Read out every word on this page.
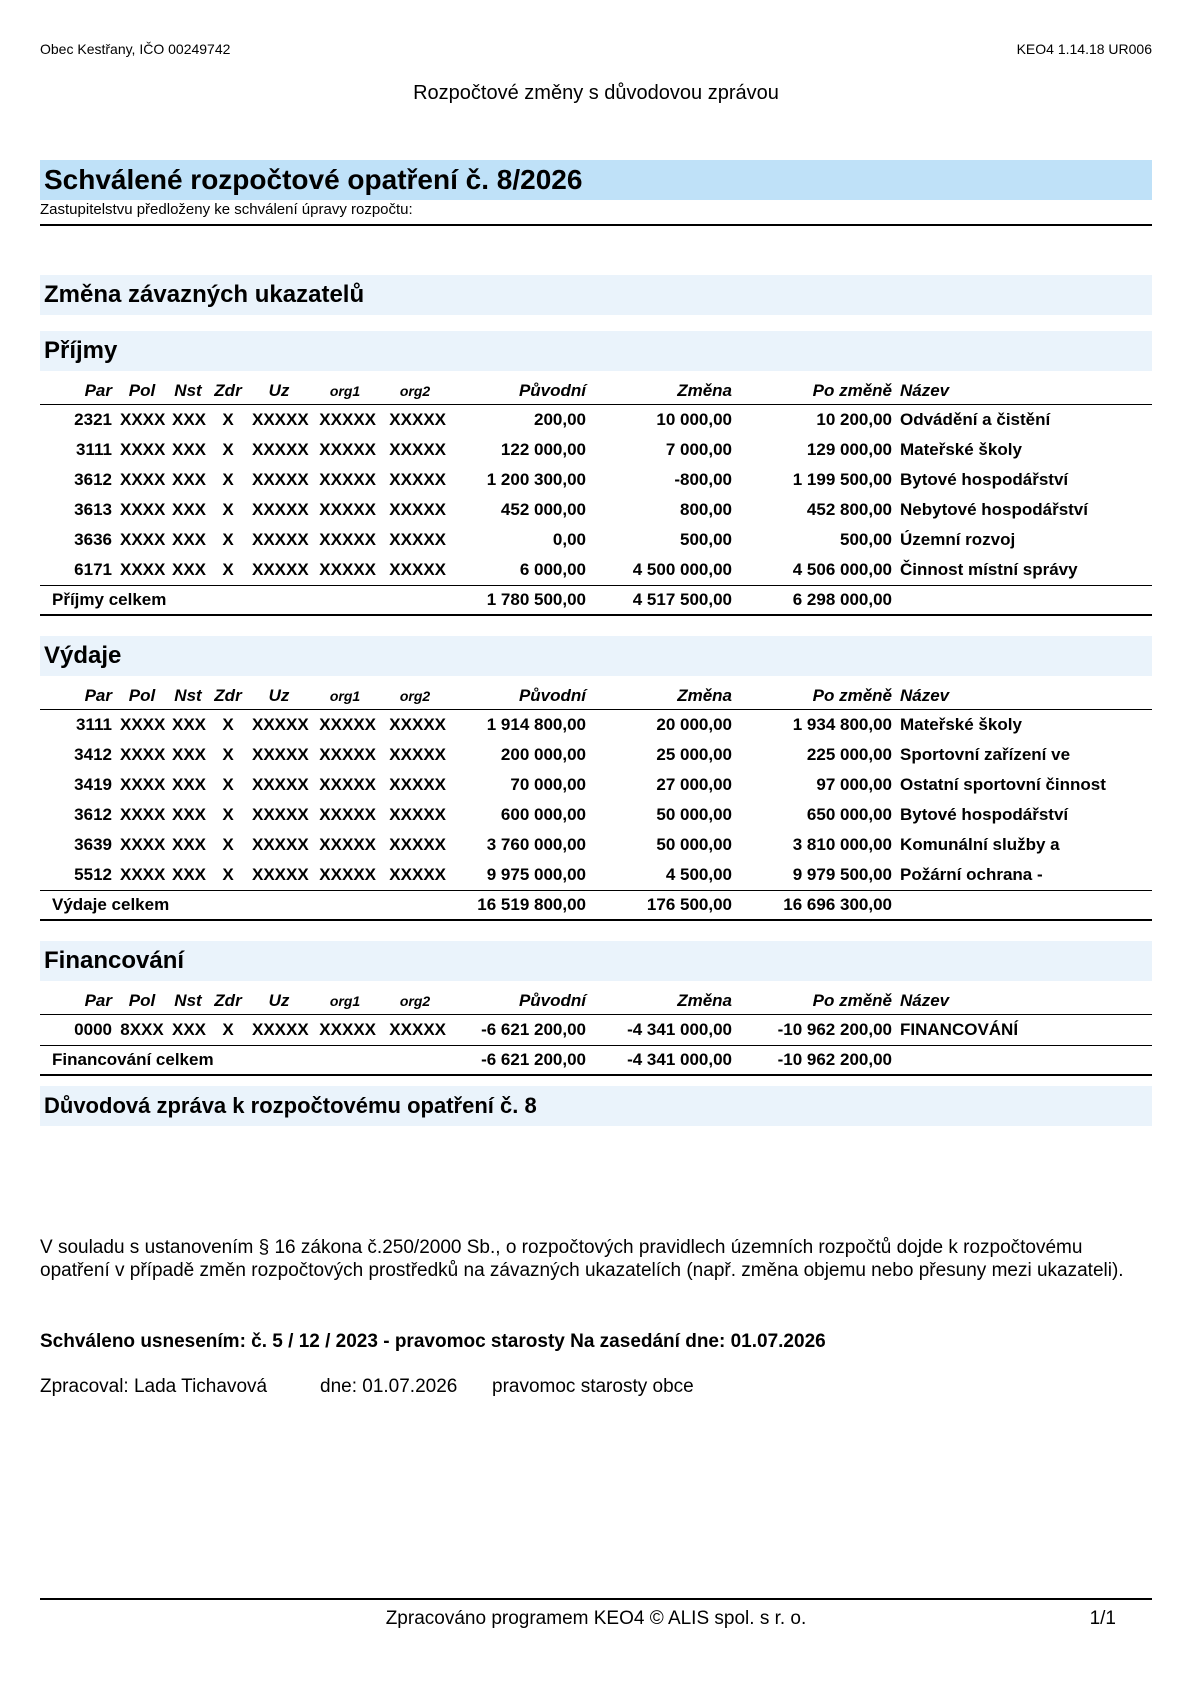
Obec Kestřany, IČO 00249742	KEO4 1.14.18 UR006
Rozpočtové změny s důvodovou zprávou
Schválené rozpočtové opatření č. 8/2026
Zastupitelstvu předloženy ke schválení úpravy rozpočtu:
Změna závazných ukazatelů
Příjmy
Par	Pol	Nst	Zdr	Uz	org1	org2	Původní	Změna	Po změně	Název
2321	XXXX	XXX	X	XXXXX	XXXXX	XXXXX	200,00	10 000,00	10 200,00	Odvádění a čistění
3111	XXXX	XXX	X	XXXXX	XXXXX	XXXXX	122 000,00	7 000,00	129 000,00	Mateřské školy
3612	XXXX	XXX	X	XXXXX	XXXXX	XXXXX	1 200 300,00	-800,00	1 199 500,00	Bytové hospodářství
3613	XXXX	XXX	X	XXXXX	XXXXX	XXXXX	452 000,00	800,00	452 800,00	Nebytové hospodářství
3636	XXXX	XXX	X	XXXXX	XXXXX	XXXXX	0,00	500,00	500,00	Územní rozvoj
6171	XXXX	XXX	X	XXXXX	XXXXX	XXXXX	6 000,00	4 500 000,00	4 506 000,00	Činnost místní správy
Příjmy celkem							1 780 500,00	4 517 500,00	6 298 000,00	
Výdaje
Par	Pol	Nst	Zdr	Uz	org1	org2	Původní	Změna	Po změně	Název
3111	XXXX	XXX	X	XXXXX	XXXXX	XXXXX	1 914 800,00	20 000,00	1 934 800,00	Mateřské školy
3412	XXXX	XXX	X	XXXXX	XXXXX	XXXXX	200 000,00	25 000,00	225 000,00	Sportovní zařízení ve
3419	XXXX	XXX	X	XXXXX	XXXXX	XXXXX	70 000,00	27 000,00	97 000,00	Ostatní sportovní činnost
3612	XXXX	XXX	X	XXXXX	XXXXX	XXXXX	600 000,00	50 000,00	650 000,00	Bytové hospodářství
3639	XXXX	XXX	X	XXXXX	XXXXX	XXXXX	3 760 000,00	50 000,00	3 810 000,00	Komunální služby a
5512	XXXX	XXX	X	XXXXX	XXXXX	XXXXX	9 975 000,00	4 500,00	9 979 500,00	Požární ochrana -
Výdaje celkem							16 519 800,00	176 500,00	16 696 300,00	
Financování
Par	Pol	Nst	Zdr	Uz	org1	org2	Původní	Změna	Po změně	Název
0000	8XXX	XXX	X	XXXXX	XXXXX	XXXXX	-6 621 200,00	-4 341 000,00	-10 962 200,00	FINANCOVÁNÍ
Financování celkem							-6 621 200,00	-4 341 000,00	-10 962 200,00	
Důvodová zpráva k rozpočtovému opatření č. 8
V souladu s ustanovením § 16 zákona č.250/2000 Sb., o rozpočtových pravidlech územních rozpočtů dojde k rozpočtovému opatření v případě změn rozpočtových prostředků na závazných ukazatelích (např. změna objemu nebo přesuny mezi ukazateli).
Schváleno usnesením: č. 5 / 12 / 2023 - pravomoc starosty Na zasedání dne: 01.07.2026
Zpracoval: Lada Tichavová	dne: 01.07.2026 pravomoc starosty obce
Zpracováno programem KEO4 © ALIS spol. s r. o.	1/1
